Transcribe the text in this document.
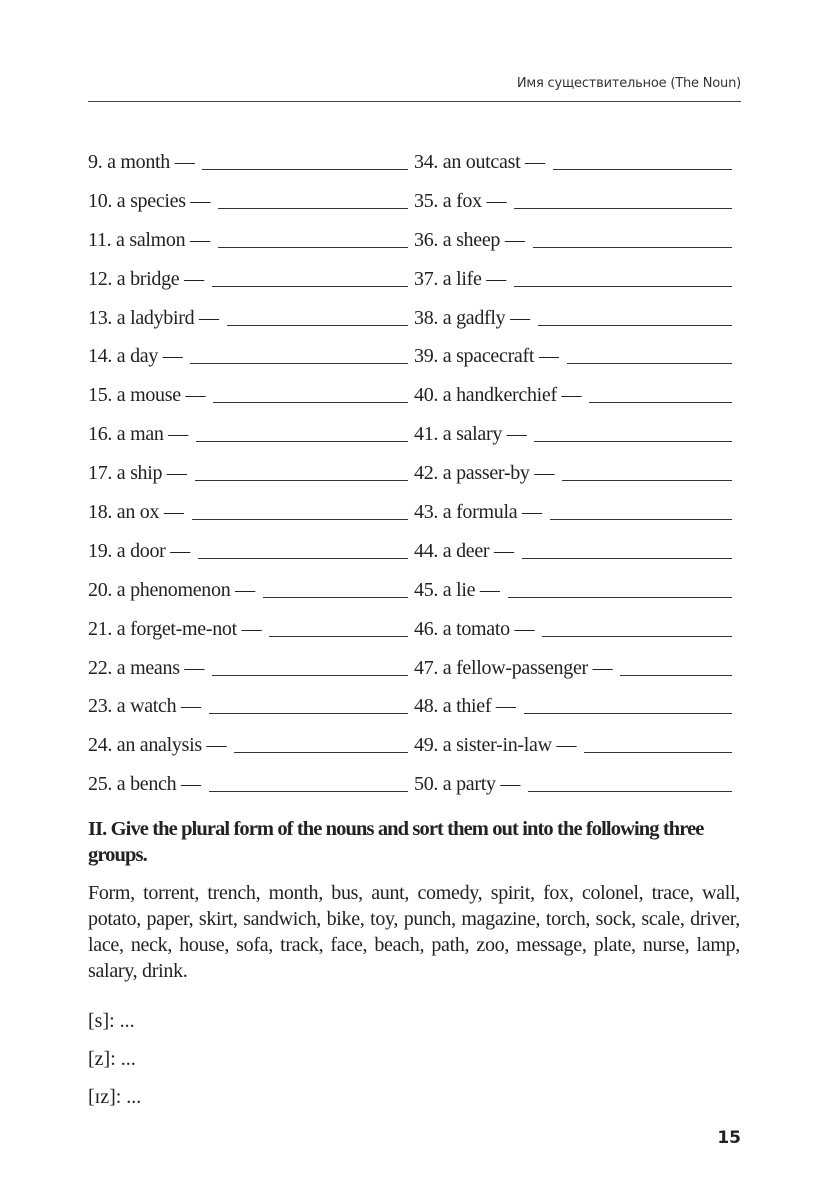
Имя существительное (The Noun)
9. a month —	34. an outcast —
10. a species —	35. a fox —
11. a salmon —	36. a sheep —
12. a bridge —	37. a life —
13. a ladybird —	38. a gadfly —
14. a day —	39. a spacecraft —
15. a mouse —	40. a handkerchief —
16. a man —	41. a salary —
17. a ship —	42. a passer-by —
18. an ox —	43. a formula —
19. a door —	44. a deer —
20. a phenomenon —	45. a lie —
21. a forget-me-not —	46. a tomato —
22. a means —	47. a fellow-passenger —
23. a watch —	48. a thief —
24. an analysis —	49. a sister-in-law —
25. a bench —	50. a party —
II. Give the plural form of the nouns and sort them out into the following three groups.
Form, torrent, trench, month, bus, aunt, comedy, spirit, fox, colonel, trace, wall, potato, paper, skirt, sandwich, bike, toy, punch, magazine, torch, sock, scale, driver, lace, neck, house, sofa, track, face, beach, path, zoo, message, plate, nurse, lamp, salary, drink.
[s]: ...
[z]: ...
[ɪz]: ...
15
